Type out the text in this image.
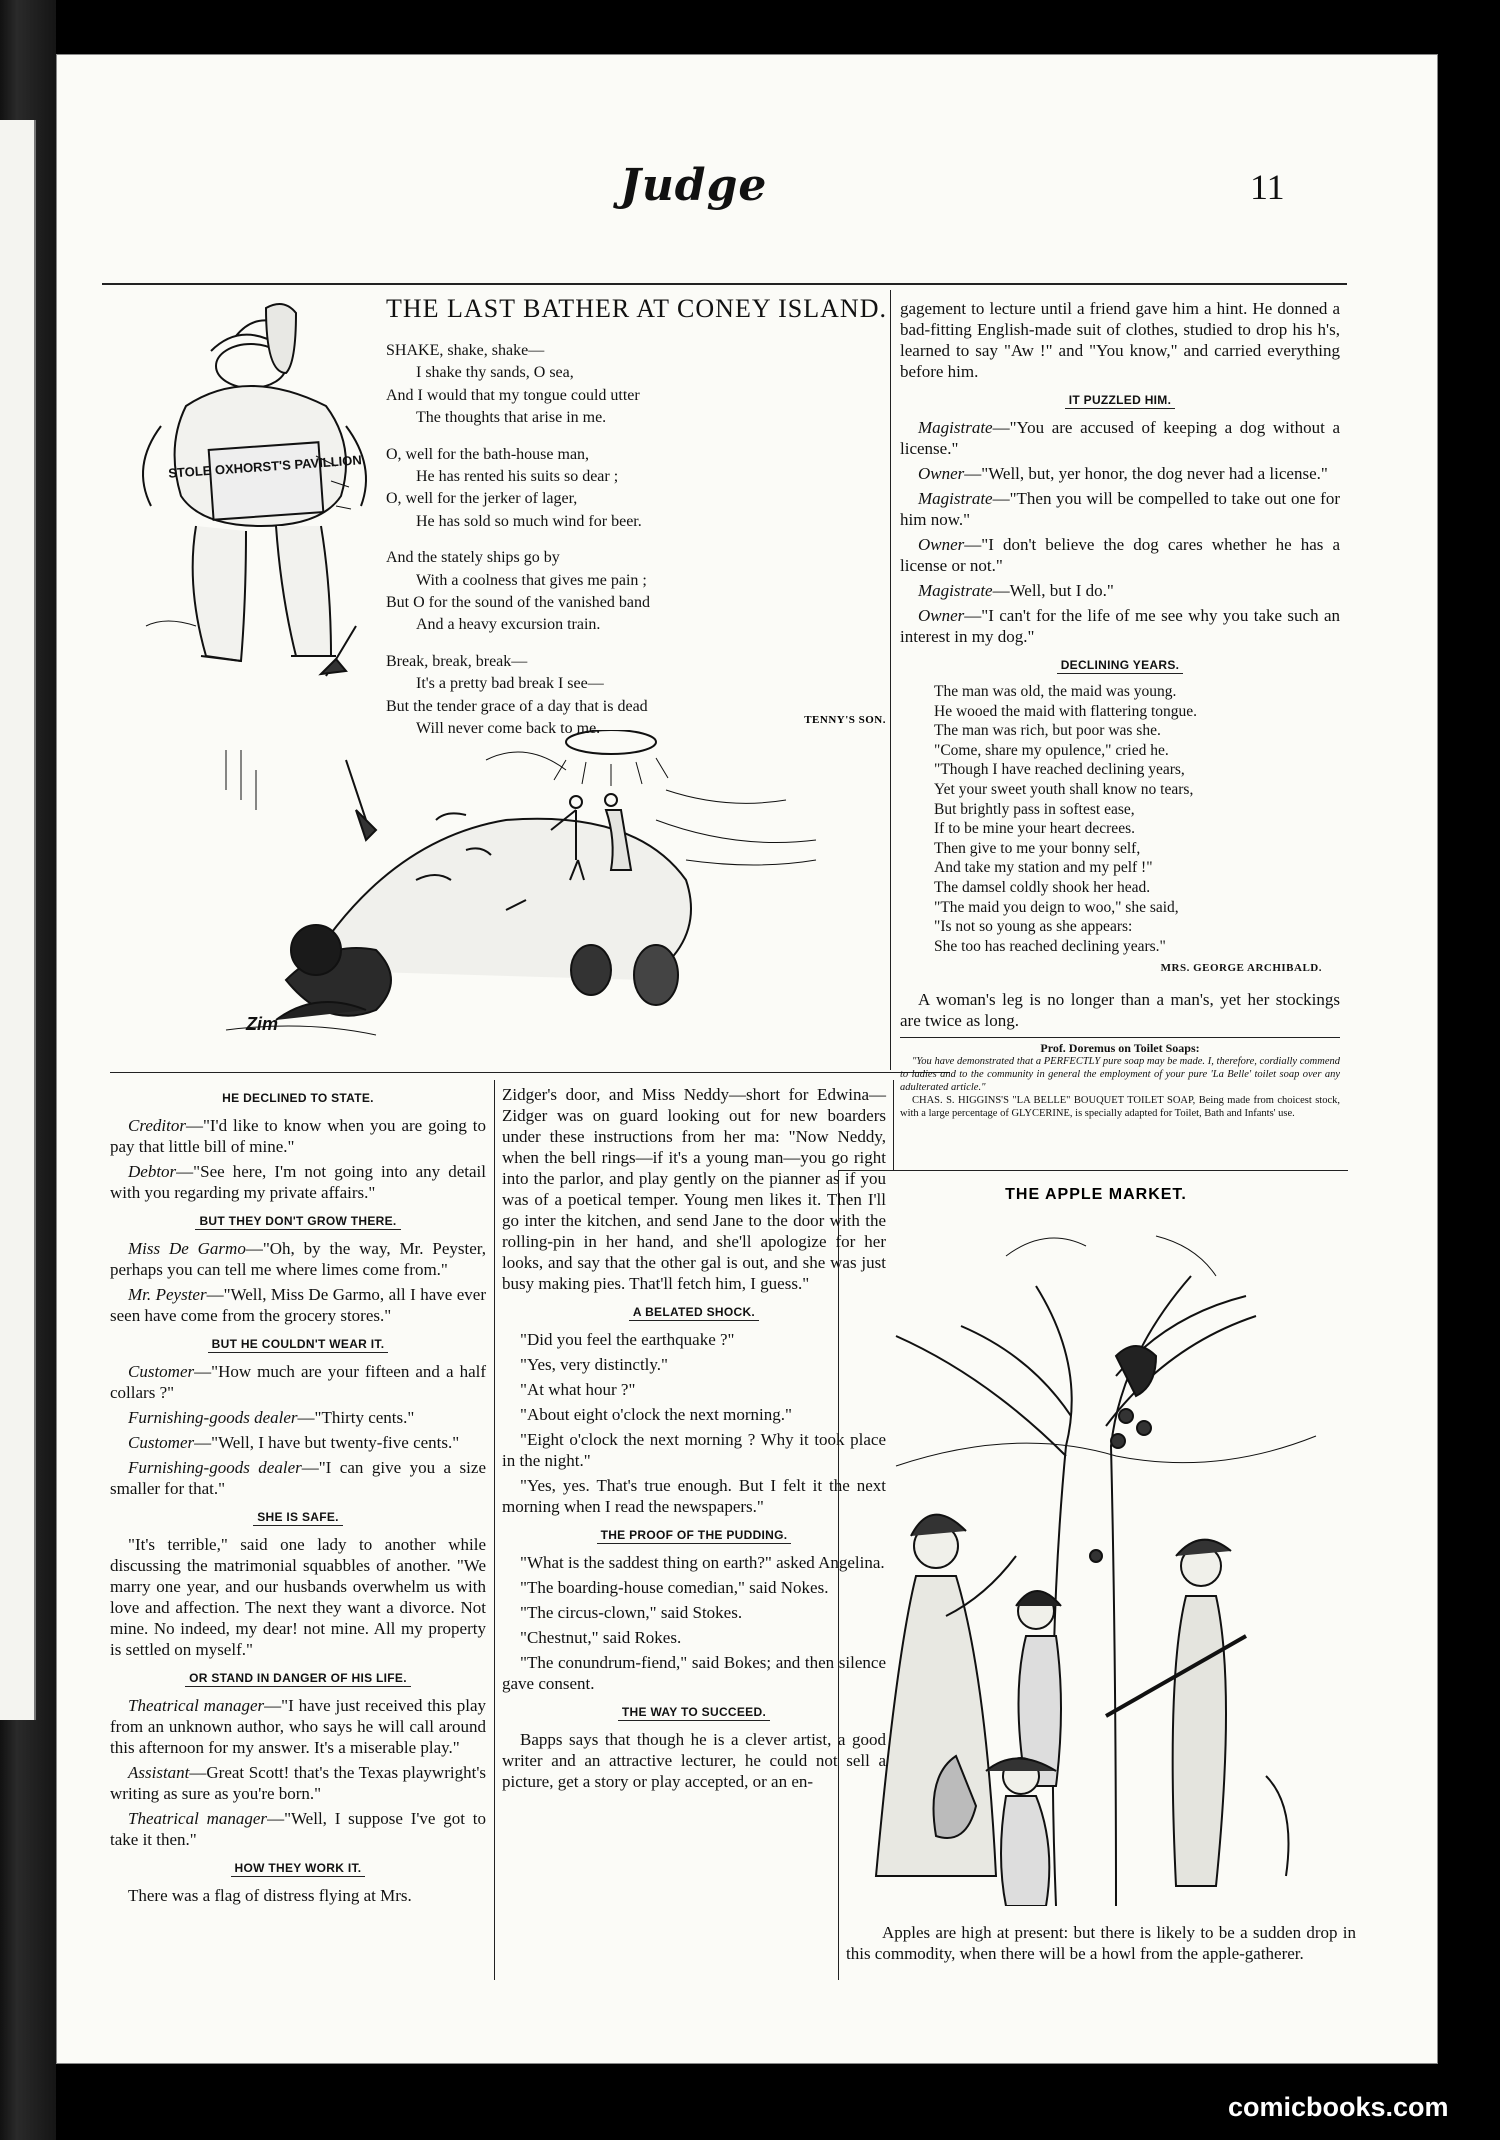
Judge	11
STOLE OXHORST'S PAVILLION
THE LAST BATHER AT CONEY ISLAND.
SHAKE, shake, shake—
I shake thy sands, O sea,
And I would that my tongue could utter
The thoughts that arise in me.
O, well for the bath-house man,
He has rented his suits so dear ;
O, well for the jerker of lager,
He has sold so much wind for beer.
And the stately ships go by
With a coolness that gives me pain ;
But O for the sound of the vanished band
And a heavy excursion train.
Break, break, break—
It's a pretty bad break I see—
But the tender grace of a day that is dead
Will never come back to me.
TENNY'S SON.
Zim

gagement to lecture until a friend gave him a hint. He donned a bad-fitting English-made suit of clothes, studied to drop his h's, learned to say "Aw !" and "You know," and carried everything before him.

IT PUZZLED HIM.

Magistrate—"You are accused of keeping a dog without a license."

Owner—"Well, but, yer honor, the dog never had a license."

Magistrate—"Then you will be compelled to take out one for him now."

Owner—"I don't believe the dog cares whether he has a license or not."

Magistrate—Well, but I do."

Owner—"I can't for the life of me see why you take such an interest in my dog."

DECLINING YEARS.
The man was old, the maid was young.
He wooed the maid with flattering tongue.
The man was rich, but poor was she.
"Come, share my opulence," cried he.
"Though I have reached declining years,
Yet your sweet youth shall know no tears,
But brightly pass in softest ease,
If to be mine your heart decrees.
Then give to me your bonny self,
And take my station and my pelf !"
The damsel coldly shook her head.
"The maid you deign to woo," she said,
"Is not so young as she appears:
She too has reached declining years."
MRS. GEORGE ARCHIBALD.

A woman's leg is no longer than a man's, yet her stockings are twice as long.

Prof. Doremus on Toilet Soaps:
"You have demonstrated that a PERFECTLY pure soap may be made. I, therefore, cordially commend to ladies and to the community in general the employment of your pure 'La Belle' toilet soap over any adulterated article."
CHAS. S. HIGGINS'S "LA BELLE" BOUQUET TOILET SOAP, Being made from choicest stock, with a large percentage of GLYCERINE, is specially adapted for Toilet, Bath and Infants' use.
HE DECLINED TO STATE.

Creditor—"I'd like to know when you are going to pay that little bill of mine."

Debtor—"See here, I'm not going into any detail with you regarding my private affairs."

BUT THEY DON'T GROW THERE.

Miss De Garmo—"Oh, by the way, Mr. Peyster, perhaps you can tell me where limes come from."

Mr. Peyster—"Well, Miss De Garmo, all I have ever seen have come from the grocery stores."

BUT HE COULDN'T WEAR IT.

Customer—"How much are your fifteen and a half collars ?"

Furnishing-goods dealer—"Thirty cents."

Customer—"Well, I have but twenty-five cents."

Furnishing-goods dealer—"I can give you a size smaller for that."

SHE IS SAFE.

"It's terrible," said one lady to another while discussing the matrimonial squabbles of another. "We marry one year, and our husbands overwhelm us with love and affection. The next they want a divorce. Not mine. No indeed, my dear! not mine. All my property is settled on myself."

OR STAND IN DANGER OF HIS LIFE.

Theatrical manager—"I have just received this play from an unknown author, who says he will call around this afternoon for my answer. It's a miserable play."

Assistant—Great Scott! that's the Texas playwright's writing as sure as you're born."

Theatrical manager—"Well, I suppose I've got to take it then."

HOW THEY WORK IT.

There was a flag of distress flying at Mrs.

Zidger's door, and Miss Neddy—short for Edwina—Zidger was on guard looking out for new boarders under these instructions from her ma: "Now Neddy, when the bell rings—if it's a young man—you go right into the parlor, and play gently on the pianner as if you was of a poetical temper. Young men likes it. Then I'll go inter the kitchen, and send Jane to the door with the rolling-pin in her hand, and she'll apologize for her looks, and say that the other gal is out, and she was just busy making pies. That'll fetch him, I guess."

A BELATED SHOCK.

"Did you feel the earthquake ?"

"Yes, very distinctly."

"At what hour ?"

"About eight o'clock the next morning."

"Eight o'clock the next morning ? Why it took place in the night."

"Yes, yes. That's true enough. But I felt it the next morning when I read the newspapers."

THE PROOF OF THE PUDDING.

"What is the saddest thing on earth?" asked Angelina.

"The boarding-house comedian," said Nokes.

"The circus-clown," said Stokes.

"Chestnut," said Rokes.

"The conundrum-fiend," said Bokes; and then silence gave consent.

THE WAY TO SUCCEED.

Bapps says that though he is a clever artist, a good writer and an attractive lecturer, he could not sell a picture, get a story or play accepted, or an en-

THE APPLE MARKET.

Apples are high at present: but there is likely to be a sudden drop in this commodity, when there will be a howl from the apple-gatherer.

comicbooks.com
